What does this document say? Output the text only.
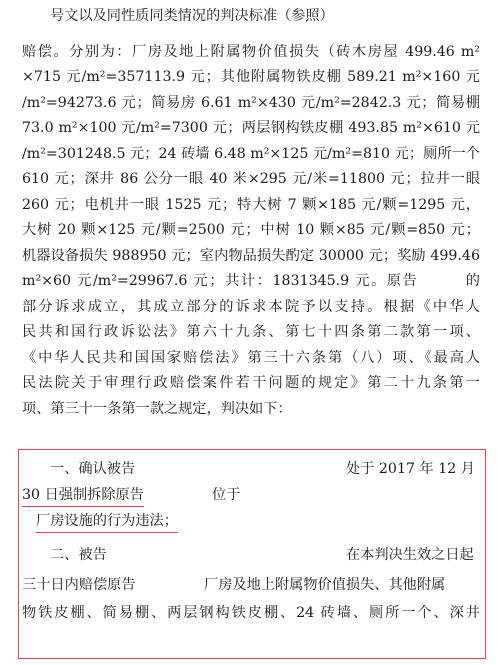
号文以及同性质同类情况的判决标准（参照）
赔偿。分别为：厂房及地上附属物价值损失（砖木房屋 499.46 m²
×715 元/m²=357113.9 元；其他附属物铁皮棚 589.21 m²×160 元
/m²=94273.6 元；简易房 6.61 m²×430 元/m²=2842.3 元；简易棚
73.0 m²×100 元/m²=7300 元；两层钢构铁皮棚 493.85 m²×610 元
/m²=301248.5 元；24 砖墙 6.48 m²×125 元/m²=810 元；厕所一个
610 元；深井 86 公分一眼 40 米×295 元/米=11800 元；拉井一眼
260 元；电机井一眼 1525 元；特大树 7 颗×185 元/颗=1295 元，
大树 20 颗×125 元/颗=2500 元；中树 10 颗×85 元/颗=850 元；
机器设备损失 988950 元；室内物品损失酌定 30000 元；奖励 499.46
m²×60 元/m²=29967.6 元；共计：1831345.9 元。原告　　　的
部分诉求成立，其成立部分的诉求本院予以支持。根据《中华人
民共和国行政诉讼法》第六十九条、第七十四条第二款第一项、
《中华人民共和国国家赔偿法》第三十六条第（八）项、《最高人
民法院关于审理行政赔偿案件若干问题的规定》第二十九条第一
项、第三十一条第一款之规定，判决如下：
一、确认被告	处于 2017 年 12 月
30 日强制拆除原告	位于
厂房设施的行为违法；
二、被告	在本判决生效之日起
三十日内赔偿原告	厂房及地上附属物价值损失、其他附属
物铁皮棚、简易棚、两层钢构铁皮棚、24 砖墙、厕所一个、深井
